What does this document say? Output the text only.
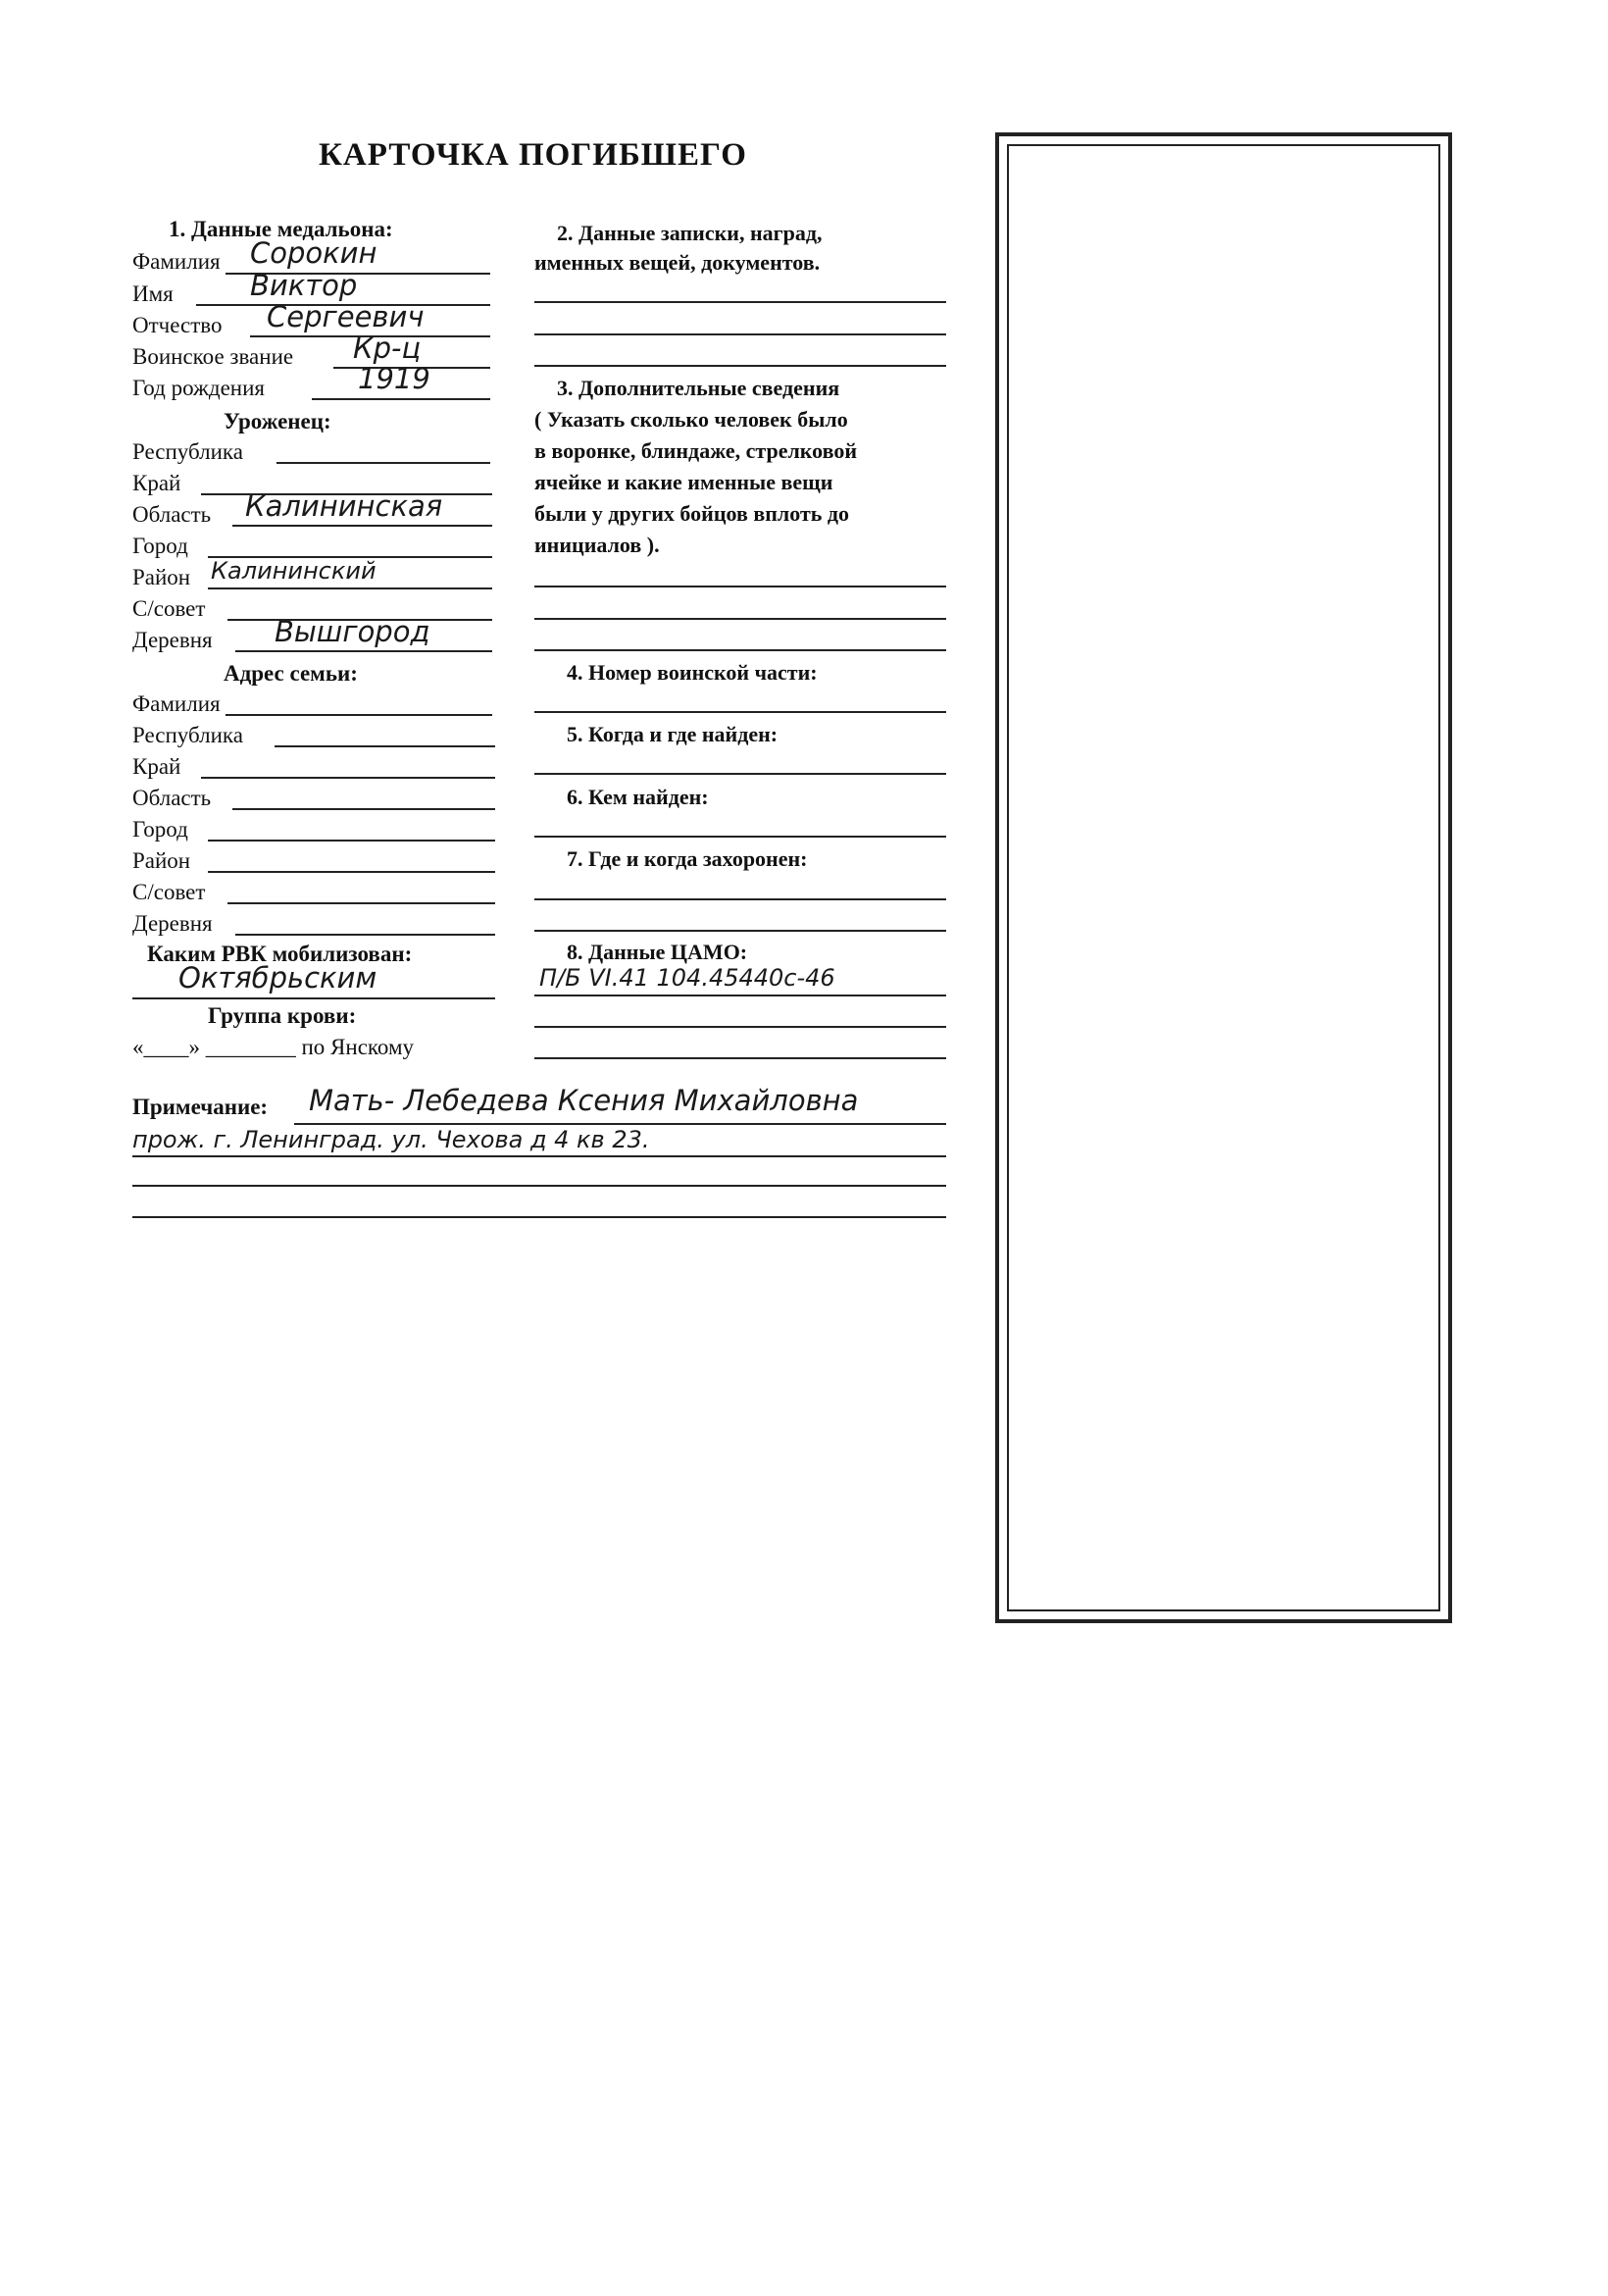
КАРТОЧКА ПОГИБШЕГО
1. Данные медальона:
Фамилия Сорокин
Имя	Виктор
Отчество Сергеевич
Воинское звание Кр-ц
Год рождения	1919
Уроженец:
Республика
Край
Область Калининская
Город
Район Калининский
С/совет
Деревня Вышгород
Адрес семьи:
Фамилия
Республика
Край
Область
Город
Район
С/совет
Деревня
Каким РВК мобилизован:
Октябрьским
Группа крови:
«____» ________ по Янскому
2. Данные записки, наград,
именных вещей, документов.
3. Дополнительные сведения
( Указать сколько человек было
в воронке, блиндаже, стрелковой
ячейке и какие именные вещи
были у других бойцов вплоть до
инициалов ).
4. Номер воинской части:
5. Когда и где найден:
6. Кем найден:
7. Где и когда захоронен:
8. Данные ЦАМО:
П/Б VI.41 104.45440с-46
Примечание: Мать- Лебедева Ксения Михайловна
прож. г. Ленинград. ул. Чехова д 4 кв 23.
